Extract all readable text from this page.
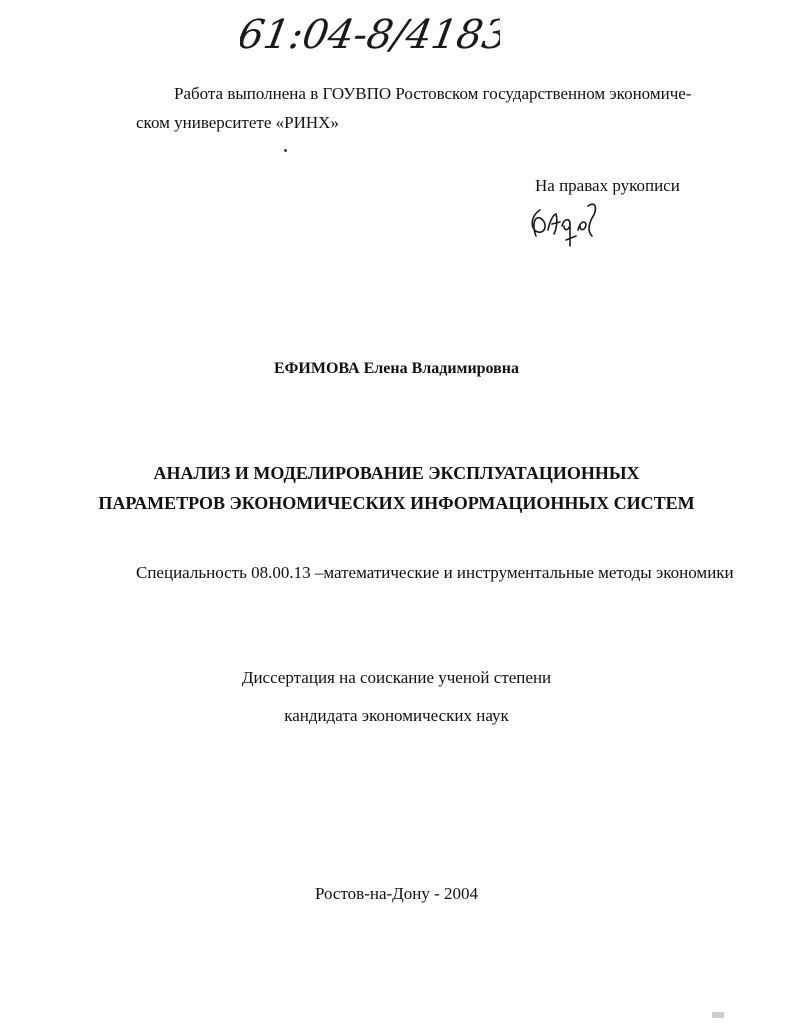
61:04-8/4183
Работа выполнена в ГОУВПО Ростовском государственном экономиче-
ском университете «РИНХ»
На правах рукописи
ЕФИМОВА Елена Владимировна
АНАЛИЗ И МОДЕЛИРОВАНИЕ ЭКСПЛУАТАЦИОННЫХ
ПАРАМЕТРОВ ЭКОНОМИЧЕСКИХ ИНФОРМАЦИОННЫХ СИСТЕМ
Специальность 08.00.13 –математические и инструментальные методы экономики
Диссертация на соискание ученой степени
кандидата экономических наук
Ростов-на-Дону - 2004
